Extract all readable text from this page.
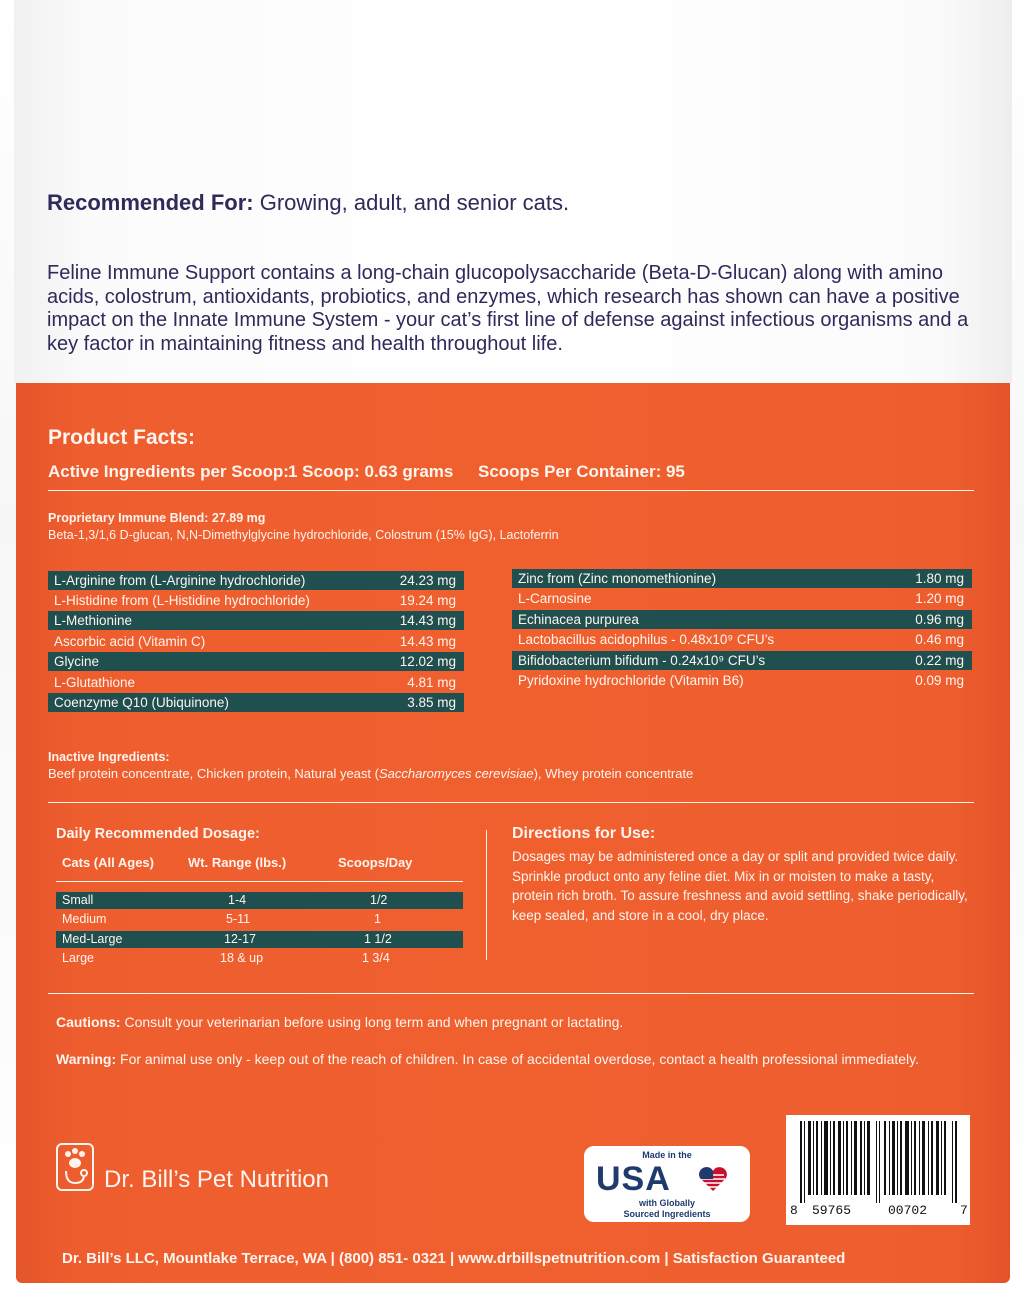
Recommended For: Growing, adult, and senior cats.
Feline Immune Support contains a long-chain glucopolysaccharide (Beta-D-Glucan) along with amino acids, colostrum, antioxidants, probiotics, and enzymes, which research has shown can have a positive impact on the Innate Immune System - your cat’s first line of defense against infectious organisms and a key factor in maintaining fitness and health throughout life.
Product Facts:
Active Ingredients per Scoop: 1 Scoop: 0.63 grams Scoops Per Container: 95
Proprietary Immune Blend: 27.89 mg
Beta-1,3/1,6 D-glucan, N,N-Dimethylglycine hydrochloride, Colostrum (15% IgG), Lactoferrin
L-Arginine from (L-Arginine hydrochloride)	24.23 mg
L-Histidine from (L-Histidine hydrochloride)	19.24 mg
L-Methionine	14.43 mg
Ascorbic acid (Vitamin C)	14.43 mg
Glycine	12.02 mg
L-Glutathione	4.81 mg
Coenzyme Q10 (Ubiquinone)	3.85 mg
Zinc from (Zinc monomethionine)	1.80 mg
L-Carnosine	1.20 mg
Echinacea purpurea	0.96 mg
Lactobacillus acidophilus - 0.48x10⁹ CFU’s	0.46 mg
Bifidobacterium bifidum - 0.24x10⁹ CFU’s	0.22 mg
Pyridoxine hydrochloride (Vitamin B6)	0.09 mg
Inactive Ingredients:
Beef protein concentrate, Chicken protein, Natural yeast (Saccharomyces cerevisiae), Whey protein concentrate
Daily Recommended Dosage:
Cats (All Ages)	Wt. Range (lbs.)	Scoops/Day
Small	1-4	1/2
Medium	5-11	1
Med-Large	12-17	1 1/2
Large	18 & up	1 3/4
Directions for Use:
Dosages may be administered once a day or split and provided twice daily. Sprinkle product onto any feline diet. Mix in or moisten to make a tasty, protein rich broth. To assure freshness and avoid settling, shake periodically, keep sealed, and store in a cool, dry place.
Cautions: Consult your veterinarian before using long term and when pregnant or lactating.
Warning: For animal use only - keep out of the reach of children. In case of accidental overdose, contact a health professional immediately.
Dr. Bill’s Pet Nutrition
Made in the
USA
with Globally
Sourced Ingredients	8 59765	00702	7
Dr. Bill’s LLC, Mountlake Terrace, WA | (800) 851- 0321 | www.drbillspetnutrition.com | Satisfaction Guaranteed
